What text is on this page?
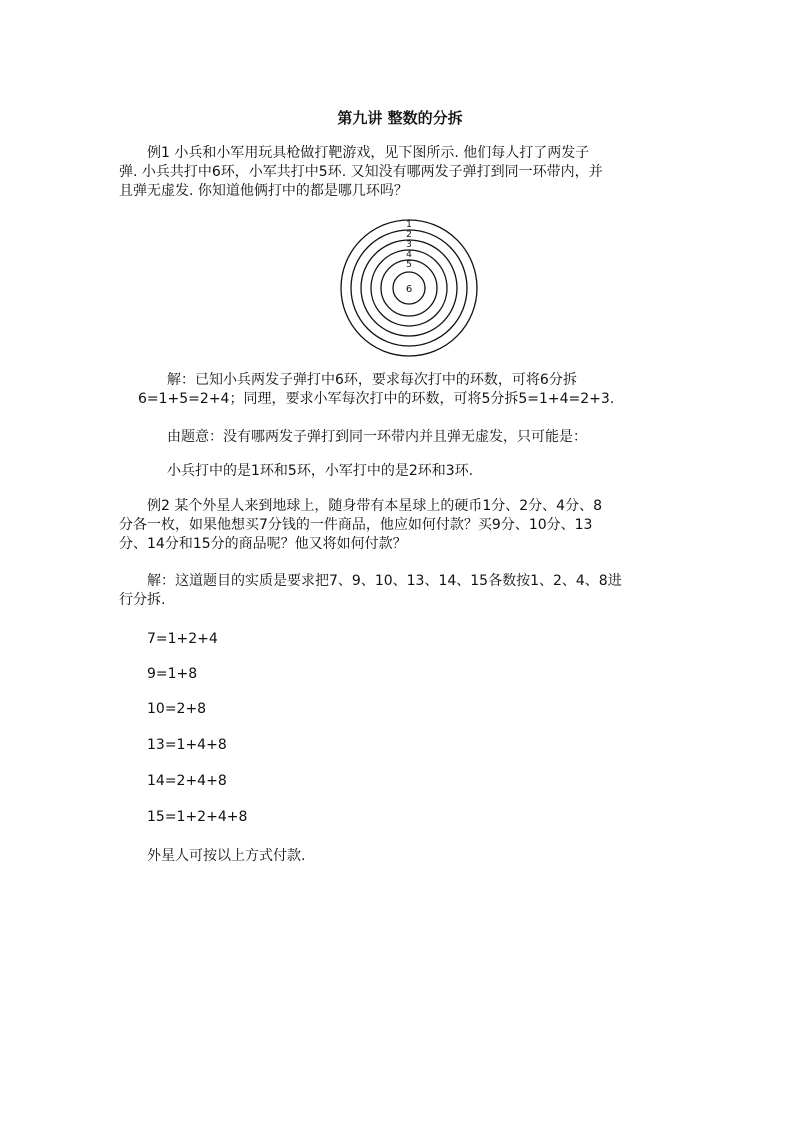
第九讲 整数的分拆
例1 小兵和小军用玩具枪做打靶游戏，见下图所示. 他们每人打了两发子
弹. 小兵共打中6环，小军共打中5环. 又知没有哪两发子弹打到同一环带内，并
且弹无虚发. 你知道他俩打中的都是哪几环吗？
1
2
3
4
5
6
解：已知小兵两发子弹打中6环，要求每次打中的环数，可将6分拆
6=1+5=2+4；同理，要求小军每次打中的环数，可将5分拆5=1+4=2+3.
由题意：没有哪两发子弹打到同一环带内并且弹无虚发，只可能是：
小兵打中的是1环和5环，小军打中的是2环和3环.
例2 某个外星人来到地球上，随身带有本星球上的硬币1分、2分、4分、8
分各一枚，如果他想买7分钱的一件商品，他应如何付款？买9分、10分、13
分、14分和15分的商品呢？他又将如何付款？
解：这道题目的实质是要求把7、9、10、13、14、15各数按1、2、4、8进
行分拆.
7=1+2+4
9=1+8
10=2+8
13=1+4+8
14=2+4+8
15=1+2+4+8
外星人可按以上方式付款.
